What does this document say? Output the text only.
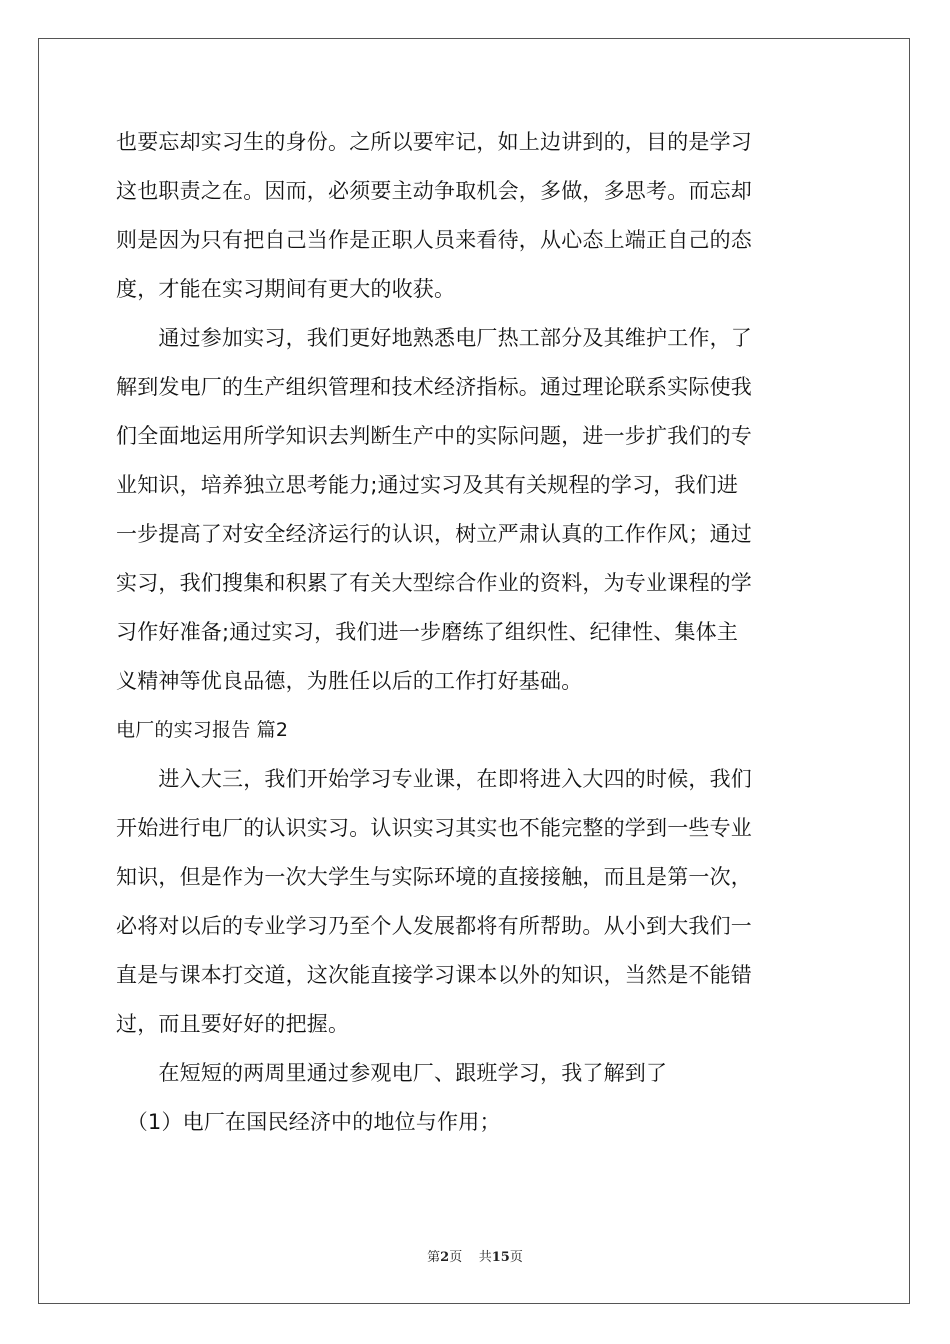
也要忘却实习生的身份。之所以要牢记，如上边讲到的，目的是学习
这也职责之在。因而，必须要主动争取机会，多做，多思考。而忘却
则是因为只有把自己当作是正职人员来看待，从心态上端正自己的态
度，才能在实习期间有更大的收获。
　　通过参加实习，我们更好地熟悉电厂热工部分及其维护工作，了
解到发电厂的生产组织管理和技术经济指标。通过理论联系实际使我
们全面地运用所学知识去判断生产中的实际问题，进一步扩我们的专
业知识，培养独立思考能力;通过实习及其有关规程的学习，我们进
一步提高了对安全经济运行的认识，树立严肃认真的工作作风；通过
实习，我们搜集和积累了有关大型综合作业的资料，为专业课程的学
习作好准备;通过实习，我们进一步磨练了组织性、纪律性、集体主
义精神等优良品德，为胜任以后的工作打好基础。
电厂的实习报告 篇2
　　进入大三，我们开始学习专业课，在即将进入大四的时候，我们
开始进行电厂的认识实习。认识实习其实也不能完整的学到一些专业
知识，但是作为一次大学生与实际环境的直接接触，而且是第一次，
必将对以后的专业学习乃至个人发展都将有所帮助。从小到大我们一
直是与课本打交道，这次能直接学习课本以外的知识，当然是不能错
过，而且要好好的把握。
　　在短短的两周里通过参观电厂、跟班学习，我了解到了
　（1）电厂在国民经济中的地位与作用；
第2页 共15页
